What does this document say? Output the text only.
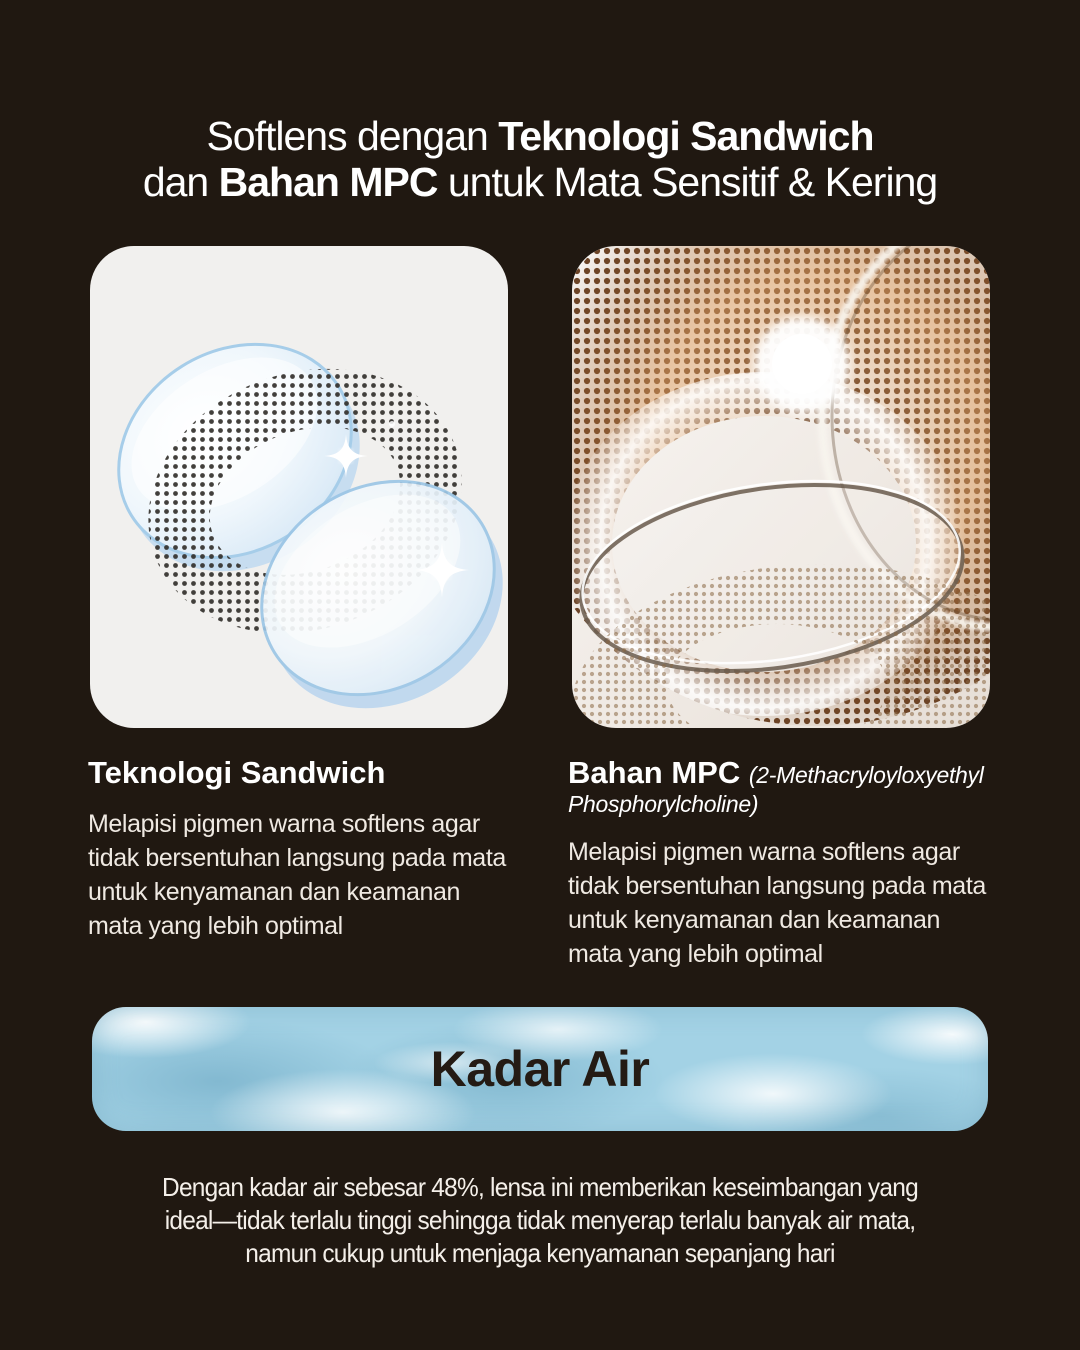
Softlens dengan Teknologi Sandwich
dan Bahan MPC untuk Mata Sensitif & Kering
Teknologi Sandwich
Melapisi pigmen warna softlens agar
tidak bersentuhan langsung pada mata
untuk kenyamanan dan keamanan
mata yang lebih optimal
Bahan MPC (2-Methacryloyloxyethyl
Phosphorylcholine)
Melapisi pigmen warna softlens agar
tidak bersentuhan langsung pada mata
untuk kenyamanan dan keamanan
mata yang lebih optimal
Kadar Air
Dengan kadar air sebesar 48%, lensa ini memberikan keseimbangan yang
ideal—tidak terlalu tinggi sehingga tidak menyerap terlalu banyak air mata,
namun cukup untuk menjaga kenyamanan sepanjang hari
